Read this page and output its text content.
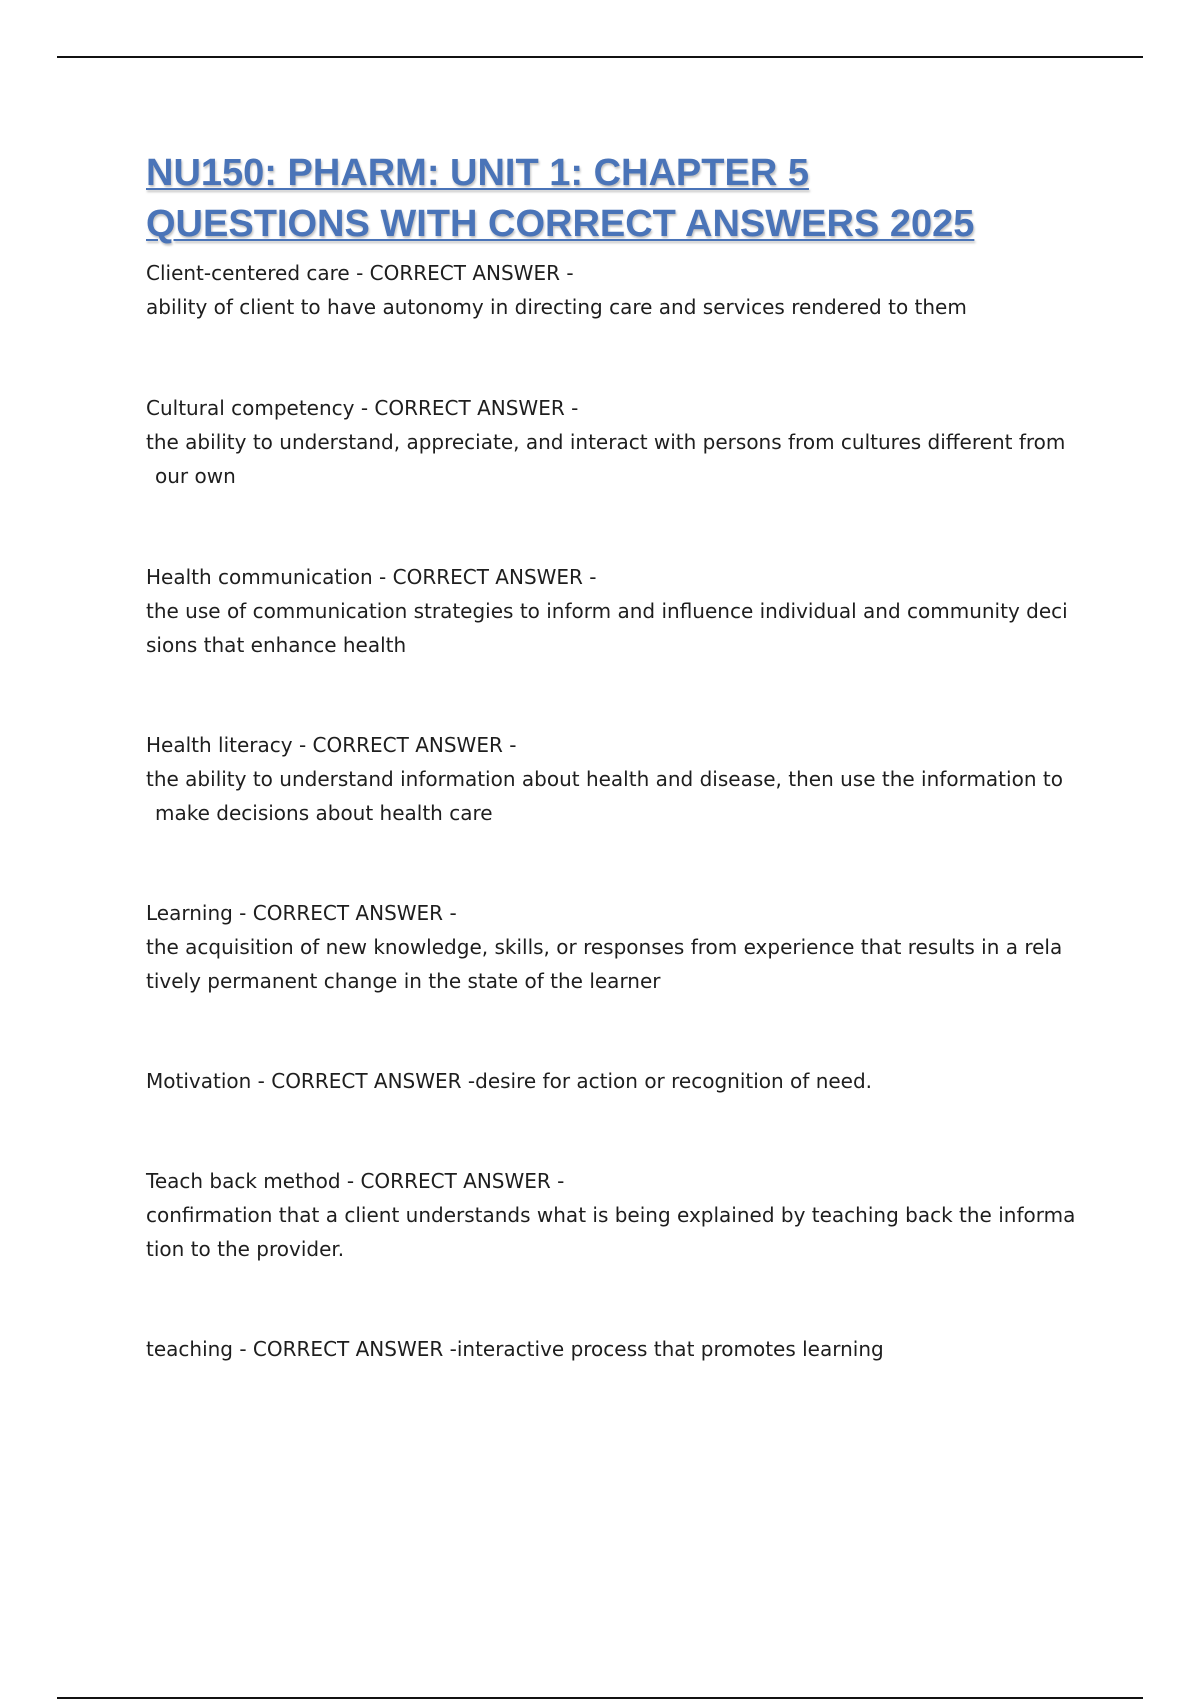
NU150: PHARM: UNIT 1: CHAPTER 5
QUESTIONS WITH CORRECT ANSWERS 2025
Client-centered care - CORRECT ANSWER -
ability of client to have autonomy in directing care and services rendered to them
Cultural competency - CORRECT ANSWER -
the ability to understand, appreciate, and interact with persons from cultures different from
our own
Health communication - CORRECT ANSWER -
the use of communication strategies to inform and influence individual and community deci
sions that enhance health
Health literacy - CORRECT ANSWER -
the ability to understand information about health and disease, then use the information to
make decisions about health care
Learning - CORRECT ANSWER -
the acquisition of new knowledge, skills, or responses from experience that results in a rela
tively permanent change in the state of the learner
Motivation - CORRECT ANSWER -desire for action or recognition of need.
Teach back method - CORRECT ANSWER -
confirmation that a client understands what is being explained by teaching back the informa
tion to the provider.
teaching - CORRECT ANSWER -interactive process that promotes learning
